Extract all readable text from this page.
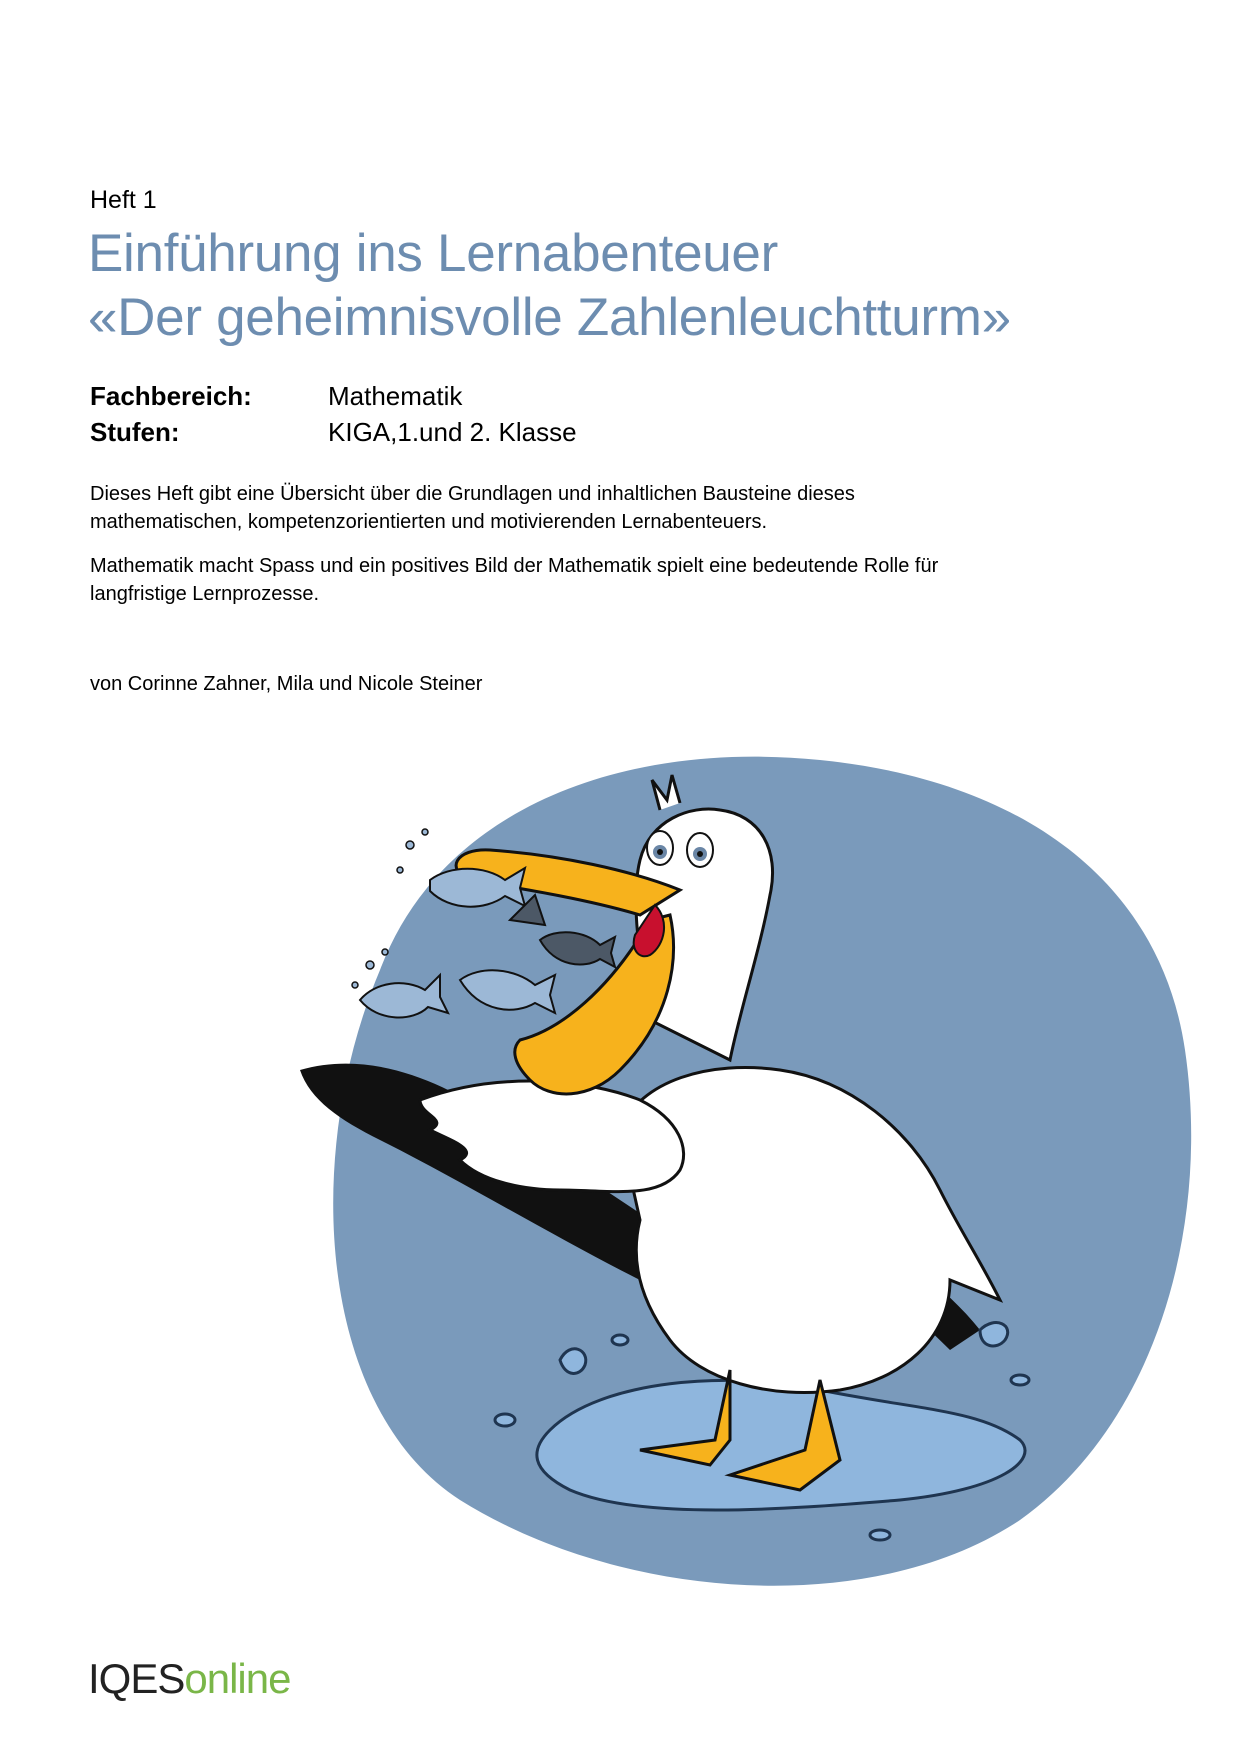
Heft 1
Einführung ins Lernabenteuer
«Der geheimnisvolle Zahlenleuchtturm»
Fachbereich:	Mathematik
Stufen:	KIGA,1.und 2. Klasse
Dieses Heft gibt eine Übersicht über die Grundlagen und inhaltlichen Bausteine dieses
mathematischen, kompetenzorientierten und motivierenden Lernabenteuers.
Mathematik macht Spass und ein positives Bild der Mathematik spielt eine bedeutende Rolle für
langfristige Lernprozesse.
von Corinne Zahner, Mila und Nicole Steiner
IQESonline
